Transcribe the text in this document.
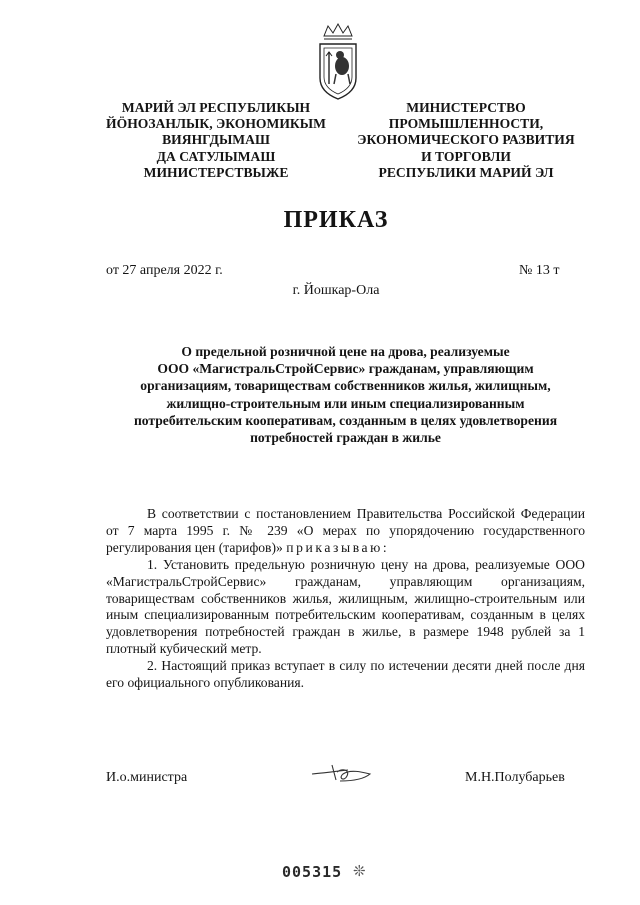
МАРИЙ ЭЛ РЕСПУБЛИКЫН
ЙÖНОЗАНЛЫК, ЭКОНОМИКЫМ
ВИЯНГДЫМАШ
ДА САТУЛЫМАШ
МИНИСТЕРСТВЫЖЕ
МИНИСТЕРСТВО
ПРОМЫШЛЕННОСТИ,
ЭКОНОМИЧЕСКОГО РАЗВИТИЯ
И ТОРГОВЛИ
РЕСПУБЛИКИ МАРИЙ ЭЛ
ПРИКАЗ
от 27 апреля 2022 г.	№ 13 т
г. Йошкар-Ола
О предельной розничной цене на дрова, реализуемые
ООО «МагистральСтройСервис» гражданам, управляющим
организациям, товариществам собственников жилья, жилищным,
жилищно-строительным или иным специализированным
потребительским кооперативам, созданным в целях удовлетворения
потребностей граждан в жилье

В соответствии с постановлением Правительства Российской Федерации от 7 марта 1995 г. № 239 «О мерах по упорядочению государственного регулирования цен (тарифов)» приказываю:

1. Установить предельную розничную цену на дрова, реализуемые ООО «МагистральСтройСервис» гражданам, управляющим организациям, товариществам собственников жилья, жилищным, жилищно-строительным или иным специализированным потребительским кооперативам, созданным в целях удовлетворения потребностей граждан в жилье, в размере 1948 рублей за 1 плотный кубический метр.

2. Настоящий приказ вступает в силу по истечении десяти дней после дня его официального опубликования.

И.о.министра	М.Н.Полубарьев
005315 ❊
